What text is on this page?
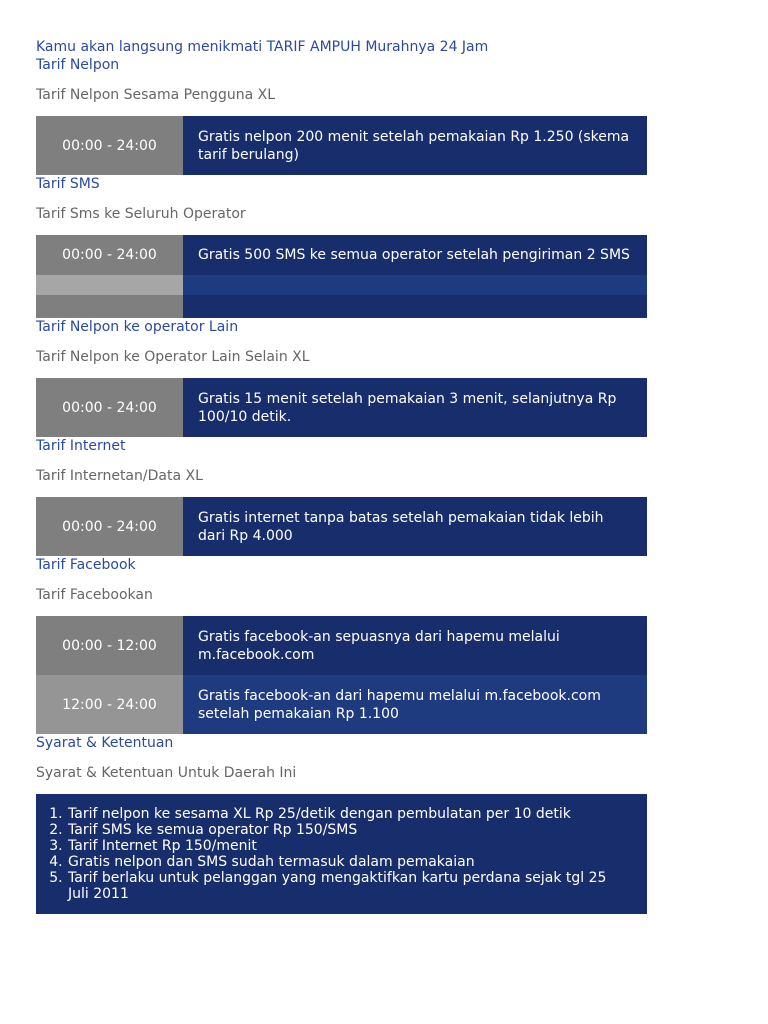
Kamu akan langsung menikmati TARIF AMPUH Murahnya 24 Jam

Tarif Nelpon

Tarif Nelpon Sesama Pengguna XL

00:00 - 24:00	Gratis nelpon 200 menit setelah pemakaian Rp 1.250 (skema tarif berulang)

Tarif SMS

Tarif Sms ke Seluruh Operator

00:00 - 24:00	Gratis 500 SMS ke semua operator setelah pengiriman 2 SMS

Tarif Nelpon ke operator Lain

Tarif Nelpon ke Operator Lain Selain XL

00:00 - 24:00	Gratis 15 menit setelah pemakaian 3 menit, selanjutnya Rp 100/10 detik.

Tarif Internet

Tarif Internetan/Data XL

00:00 - 24:00	Gratis internet tanpa batas setelah pemakaian tidak lebih dari Rp 4.000

Tarif Facebook

Tarif Facebookan

00:00 - 12:00	Gratis facebook-an sepuasnya dari hapemu melalui m.facebook.com
12:00 - 24:00	Gratis facebook-an dari hapemu melalui m.facebook.com setelah pemakaian Rp 1.100

Syarat & Ketentuan

Syarat & Ketentuan Untuk Daerah Ini

1. Tarif nelpon ke sesama XL Rp 25/detik dengan pembulatan per 10 detik
2. Tarif SMS ke semua operator Rp 150/SMS
3. Tarif Internet Rp 150/menit
4. Gratis nelpon dan SMS sudah termasuk dalam pemakaian
5. Tarif berlaku untuk pelanggan yang mengaktifkan kartu perdana sejak tgl 25 Juli 2011
